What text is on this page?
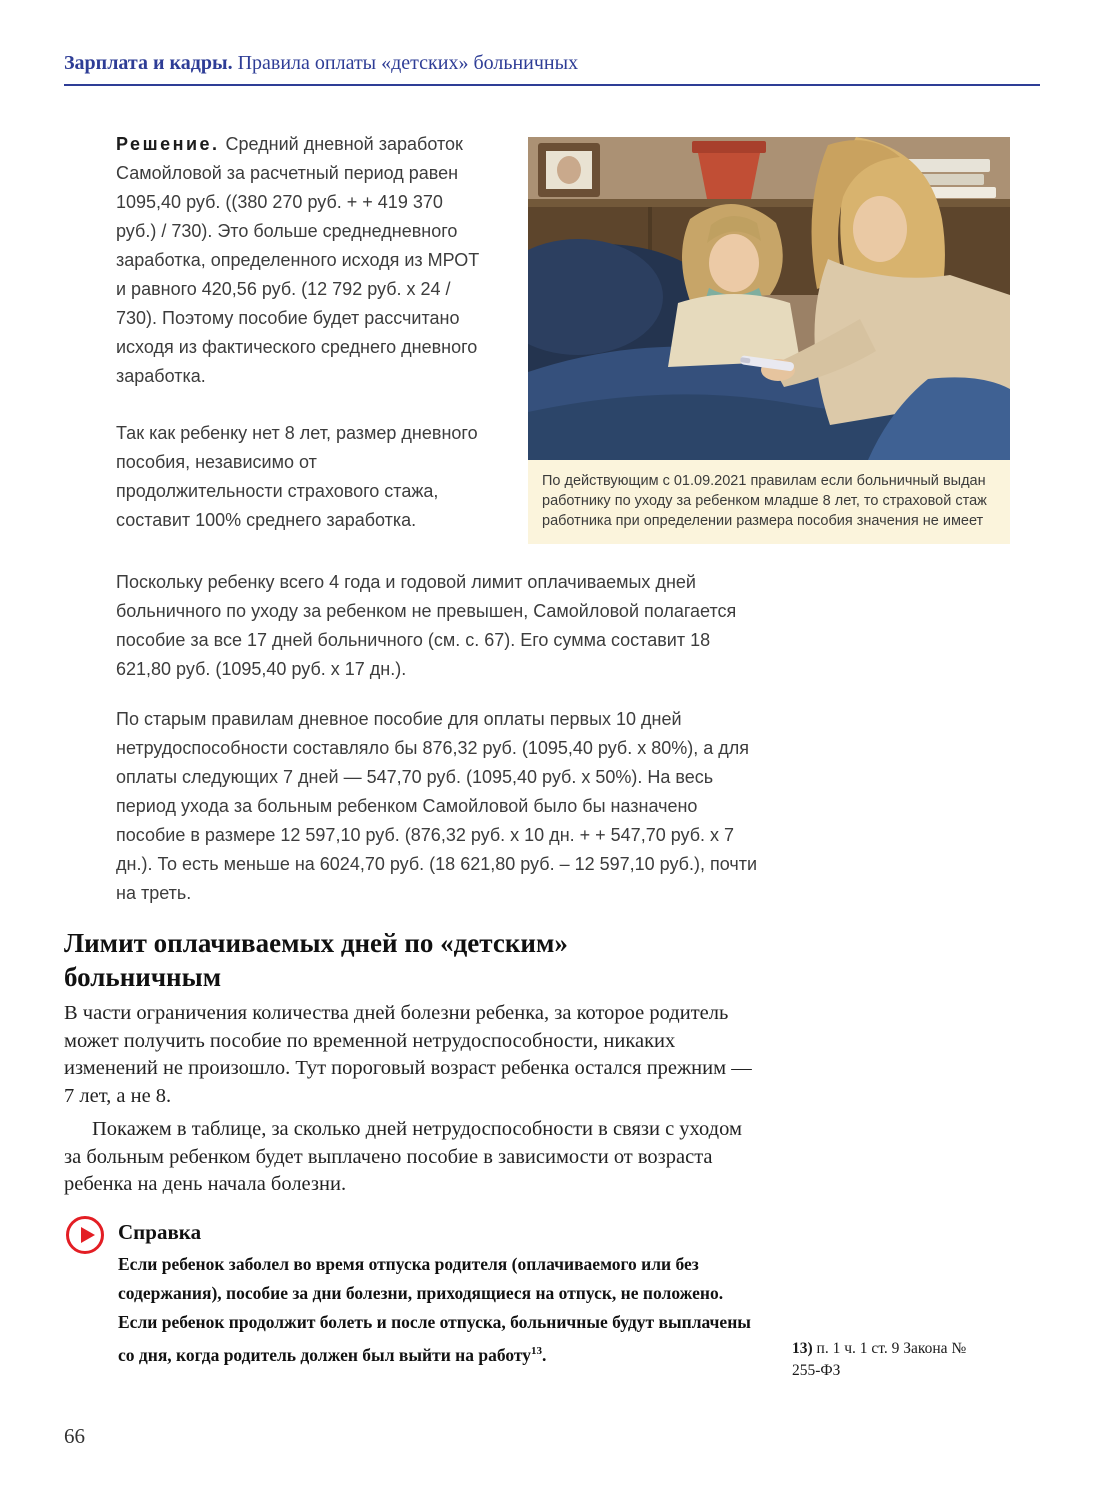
Зарплата и кадры. Правила оплаты «детских» больничных

Решение. Средний дневной заработок Самойловой за расчетный период равен 1095,40 руб. ((380 270 руб. + + 419 370 руб.) / 730). Это больше среднедневного заработка, определенного исходя из МРОТ и равного 420,56 руб. (12 792 руб. x 24 / 730). Поэтому пособие будет рассчитано исходя из фактического среднего дневного заработка.

Так как ребенку нет 8 лет, размер дневного пособия, независимо от продолжительности страхового стажа, составит 100% среднего заработка.

По действующим с 01.09.2021 правилам если больничный выдан работнику по уходу за ребенком младше 8 лет, то страховой стаж работника при определении размера пособия значения не имеет

Поскольку ребенку всего 4 года и годовой лимит оплачиваемых дней больничного по уходу за ребенком не превышен, Самойловой полагается пособие за все 17 дней больничного (см. с. 67). Его сумма составит 18 621,80 руб. (1095,40 руб. x 17 дн.).

По старым правилам дневное пособие для оплаты первых 10 дней нетрудоспособности составляло бы 876,32 руб. (1095,40 руб. x 80%), а для оплаты следующих 7 дней — 547,70 руб. (1095,40 руб. x 50%). На весь период ухода за больным ребенком Самойловой было бы назначено пособие в размере 12 597,10 руб. (876,32 руб. x 10 дн. + + 547,70 руб. x 7 дн.). То есть меньше на 6024,70 руб. (18 621,80 руб. – 12 597,10 руб.), почти на треть.

Лимит оплачиваемых дней по «детским» больничным

В части ограничения количества дней болезни ребенка, за которое родитель может получить пособие по временной нетрудоспособности, никаких изменений не произошло. Тут пороговый возраст ребенка остался прежним — 7 лет, а не 8.

Покажем в таблице, за сколько дней нетрудоспособности в связи с уходом за больным ребенком будет выплачено пособие в зависимости от возраста ребенка на день начала болезни.

Справка
Если ребенок заболел во время отпуска родителя (оплачиваемого или без содержания), пособие за дни болезни, приходящиеся на отпуск, не положено. Если ребенок продолжит болеть и после отпуска, больничные будут выплачены со дня, когда родитель должен был выйти на работу$^{13}$.	13) п. 1 ч. 1 ст. 9 Закона № 255-ФЗ
66
